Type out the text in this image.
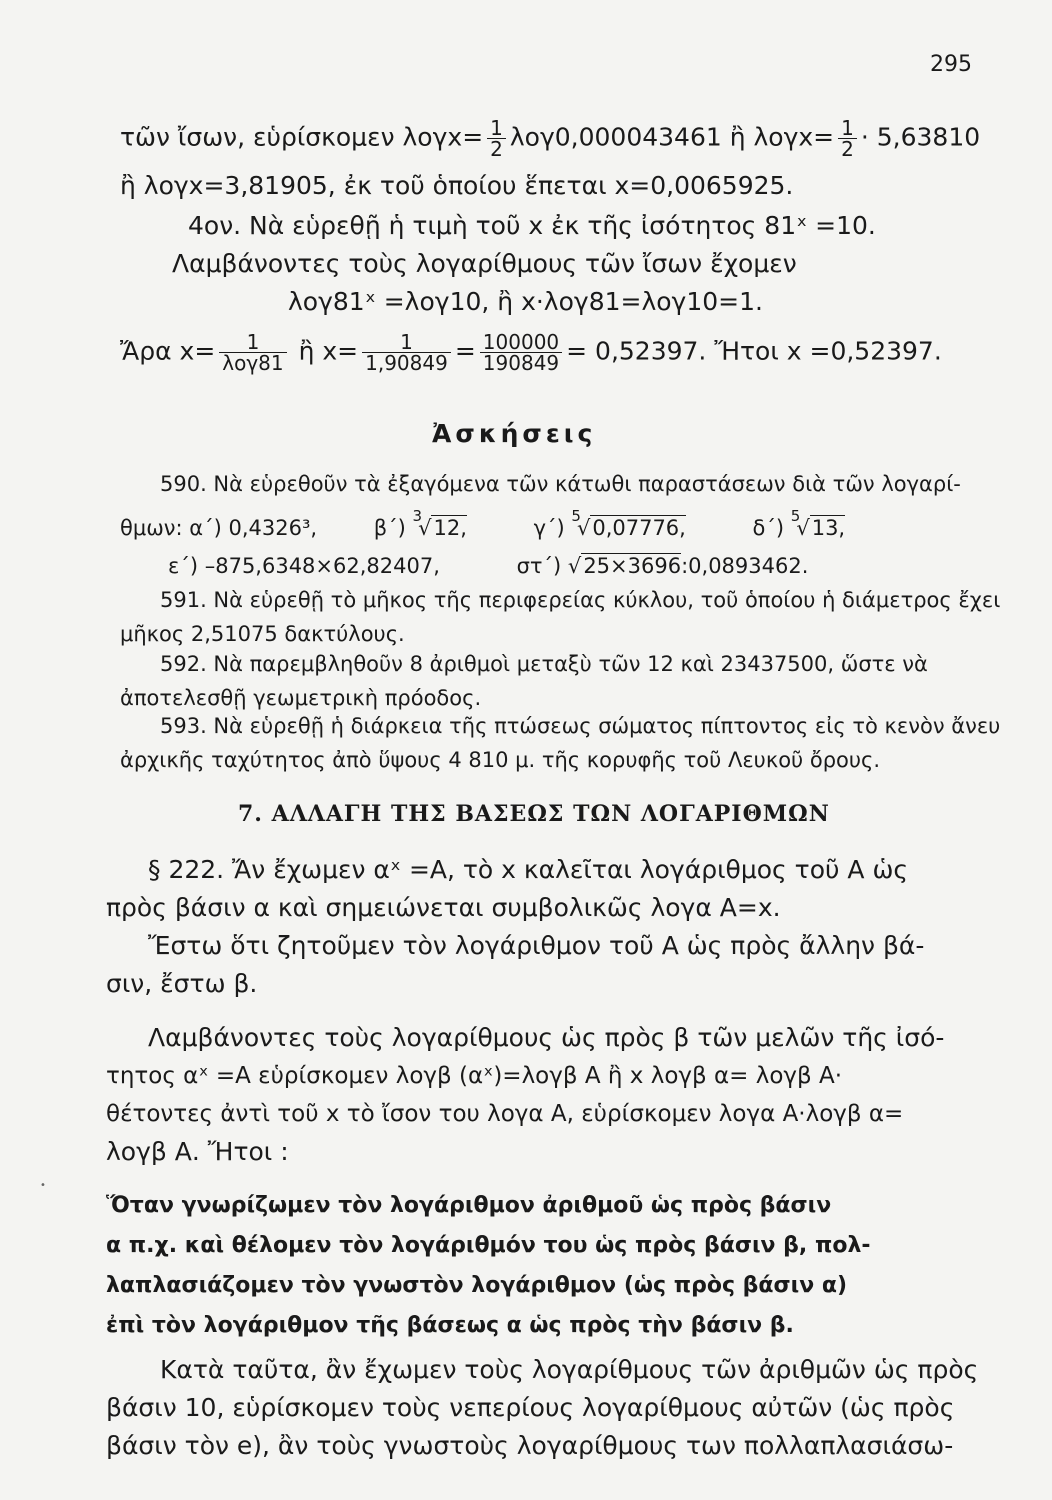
295
τῶν ἴσων, εὑρίσκομεν $\lambda o\gamma x= \frac{1}{2} \lambda o\gamma 0,000043461$ ἢ $\lambda o\gamma x= \frac{1}{2} \cdot 5,63810$
ἢ λογx=3,81905, ἐκ τοῦ ὁποίου ἕπεται x=0,0065925.
4ον. Νὰ εὑρεθῇ ἡ τιμὴ τοῦ x ἐκ τῆς ἰσότητος 81ˣ =10.
Λαμβάνοντες τοὺς λογαρίθμους τῶν ἴσων ἔχομεν
λογ81ˣ =λογ10, ἢ x·λογ81=λογ10=1.
Ἄρα $x= \frac{1}{\text{λογ81}}$ ἢ $x= \frac{1}{1,90849} = \frac{100000}{190849} = 0,52397$. Ἤτοι x =0,52397.
Ἀσκήσεις
590. Νὰ εὑρεθοῦν τὰ ἐξαγόμενα τῶν κάτωθι παραστάσεων διὰ τῶν λογαρί-
θμων: α΄) 0,4326³,	β΄) $^3$√12,	γ΄) $^5$√0,07776,	δ΄) $^5$√13,
ε΄) –875,6348×62,82407,	στ΄) √25×3696:0,0893462.
591. Νὰ εὑρεθῇ τὸ μῆκος τῆς περιφερείας κύκλου, τοῦ ὁποίου ἡ διάμετρος ἔχει
μῆκος 2,51075 δακτύλους.
592. Νὰ παρεμβληθοῦν 8 ἀριθμοὶ μεταξὺ τῶν 12 καὶ 23437500, ὥστε νὰ
ἀποτελεσθῇ γεωμετρικὴ πρόοδος.
593. Νὰ εὑρεθῇ ἡ διάρκεια τῆς πτώσεως σώματος πίπτοντος εἰς τὸ κενὸν ἄνευ
ἀρχικῆς ταχύτητος ἀπὸ ὕψους 4 810 μ. τῆς κορυφῆς τοῦ Λευκοῦ ὄρους.
7. ΑΛΛΑΓΗ ΤΗΣ ΒΑΣΕΩΣ ΤΩΝ ΛΟΓΑΡΙΘΜΩΝ
§ 222. Ἄν ἔχωμεν αˣ =Α, τὸ x καλεῖται λογάριθμος τοῦ Α ὡς
πρὸς βάσιν α καὶ σημειώνεται συμβολικῶς λογα Α=x.
Ἔστω ὅτι ζητοῦμεν τὸν λογάριθμον τοῦ Α ὡς πρὸς ἄλλην βά-
σιν, ἔστω β.
Λαμβάνοντες τοὺς λογαρίθμους ὡς πρὸς β τῶν μελῶν τῆς ἰσό-
τητος αˣ =Α εὑρίσκομεν λογβ (αˣ)=λογβ Α ἢ x λογβ α= λογβ Α·
θέτοντες ἀντὶ τοῦ x τὸ ἴσον του λογα Α, εὑρίσκομεν λογα Α·λογβ α=
λογβ Α. Ἤτοι :
Ὅταν γνωρίζωμεν τὸν λογάριθμον ἀριθμοῦ ὡς πρὸς βάσιν
α π.χ. καὶ θέλομεν τὸν λογάριθμόν του ὡς πρὸς βάσιν β, πολ-
λαπλασιάζομεν τὸν γνωστὸν λογάριθμον (ὡς πρὸς βάσιν α)
ἐπὶ τὸν λογάριθμον τῆς βάσεως α ὡς πρὸς τὴν βάσιν β.
Κατὰ ταῦτα, ἂν ἔχωμεν τοὺς λογαρίθμους τῶν ἀριθμῶν ὡς πρὸς
βάσιν 10, εὑρίσκομεν τοὺς νεπερίους λογαρίθμους αὐτῶν (ὡς πρὸς
βάσιν τὸν e), ἂν τοὺς γνωστοὺς λογαρίθμους των πολλαπλασιάσω-
•
